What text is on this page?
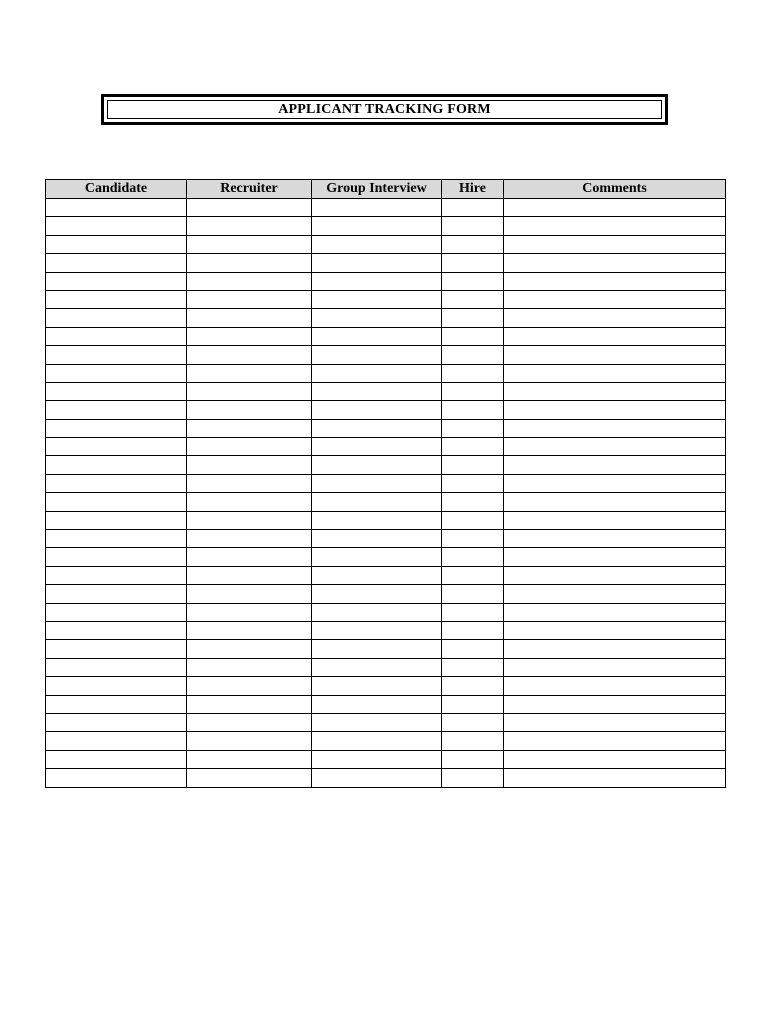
APPLICANT TRACKING FORM
Candidate	Recruiter	Group Interview	Hire	Comments
